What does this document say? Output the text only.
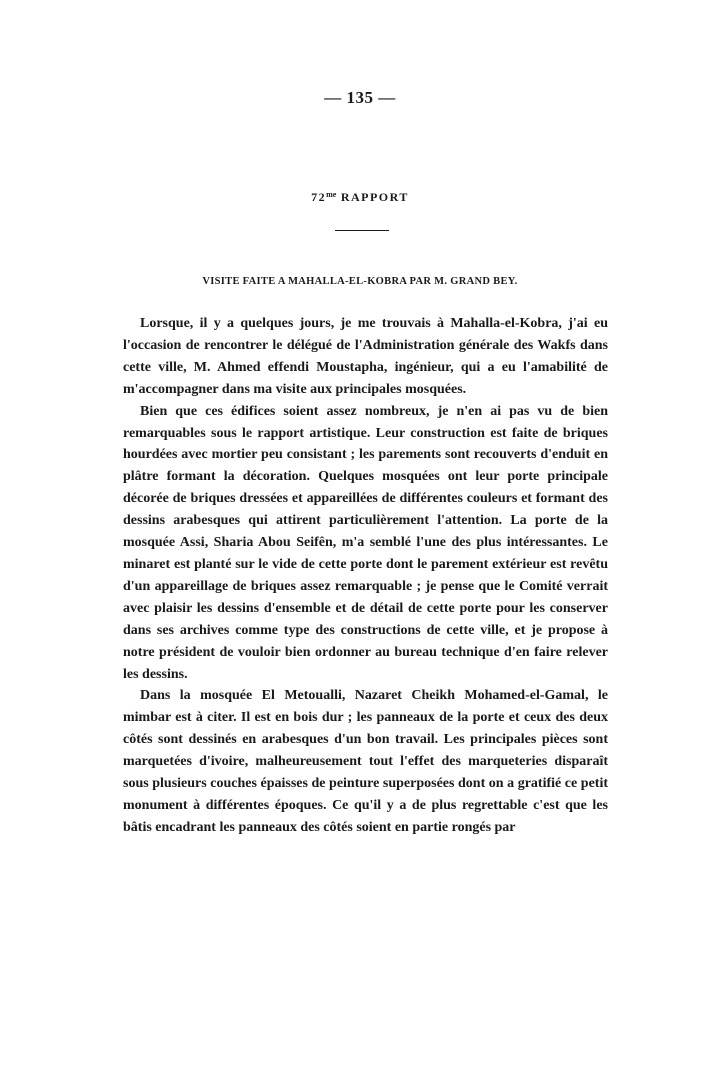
— 135 —
$72^{me}$ RAPPORT
VISITE FAITE A MAHALLA-EL-KOBRA PAR M. GRAND BEY.

Lorsque, il y a quelques jours, je me trouvais à Mahalla-el-Kobra, j'ai eu l'occasion de rencontrer le délégué de l'Administration générale des Wakfs dans cette ville, M. Ahmed effendi Moustapha, ingénieur, qui a eu l'amabilité de m'accompagner dans ma visite aux principales mosquées.

Bien que ces édifices soient assez nombreux, je n'en ai pas vu de bien remarquables sous le rapport artistique. Leur construction est faite de briques hourdées avec mortier peu consistant ; les parements sont recouverts d'enduit en plâtre formant la décoration. Quelques mosquées ont leur porte principale décorée de briques dressées et appareillées de différentes couleurs et formant des dessins arabesques qui attirent particulièrement l'attention. La porte de la mosquée Assi, Sharia Abou Seifên, m'a semblé l'une des plus intéressantes. Le minaret est planté sur le vide de cette porte dont le parement extérieur est revêtu d'un appareillage de briques assez remarquable ; je pense que le Comité verrait avec plaisir les dessins d'ensemble et de détail de cette porte pour les conserver dans ses archives comme type des constructions de cette ville, et je propose à notre président de vouloir bien ordonner au bureau technique d'en faire relever les dessins.

Dans la mosquée El Metoualli, Nazaret Cheikh Mohamed-el-Gamal, le mimbar est à citer. Il est en bois dur ; les panneaux de la porte et ceux des deux côtés sont dessinés en arabesques d'un bon travail. Les principales pièces sont marquetées d'ivoire, malheureusement tout l'effet des marqueteries disparaît sous plusieurs couches épaisses de peinture superposées dont on a gratifié ce petit monument à différentes époques. Ce qu'il y a de plus regrettable c'est que les bâtis encadrant les panneaux des côtés soient en partie rongés par
